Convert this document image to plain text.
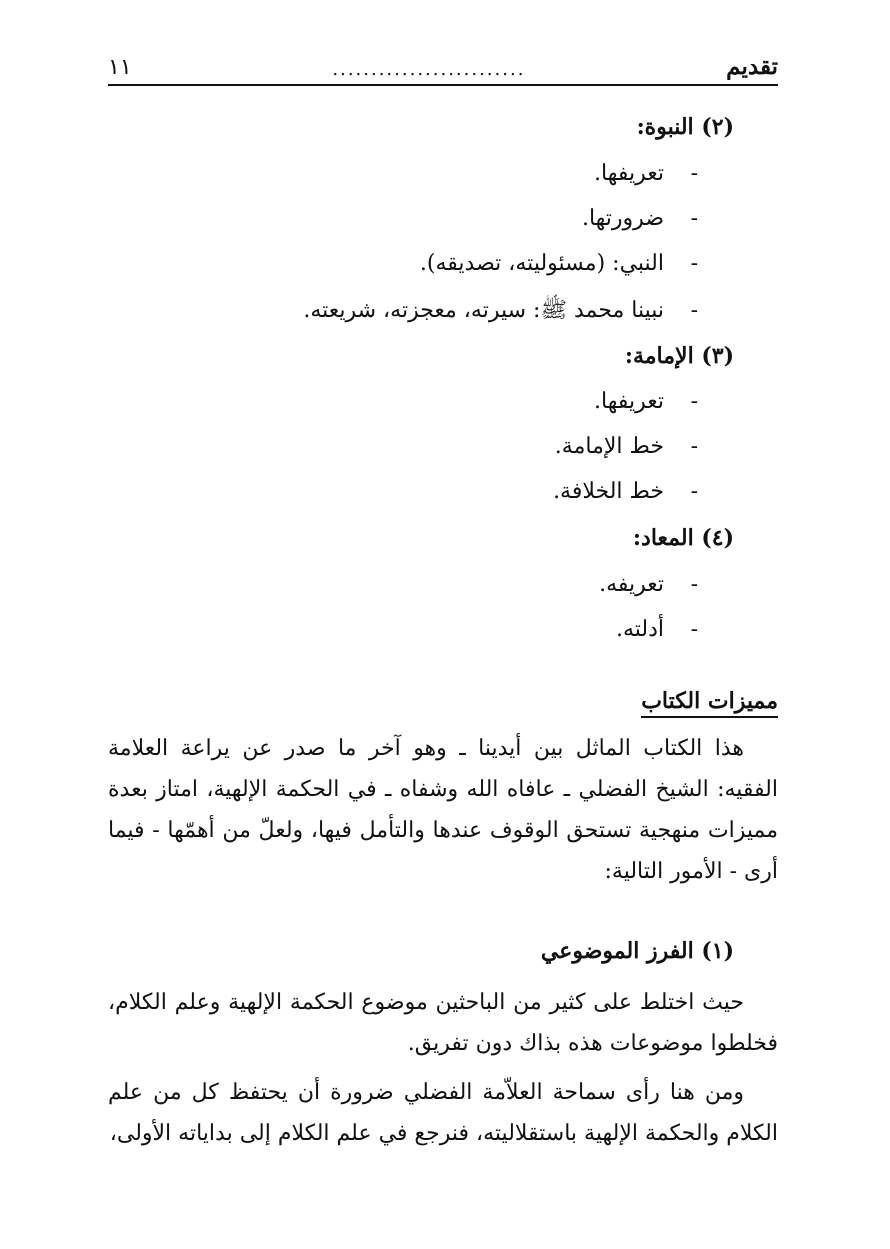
تقديم
.........................
١١
(٢) النبوة:
-تعريفها.
-ضرورتها.
-النبي: (مسئوليته، تصديقه).
-نبينا محمد ﷺ: سيرته، معجزته، شريعته.
(٣) الإمامة:
-تعريفها.
-خط الإمامة.
-خط الخلافة.
(٤) المعاد:
-تعريفه.
-أدلته.
مميزات الكتاب
هذا الكتاب الماثل بين أيدينا ـ وهو آخر ما صدر عن يراعة العلامة الفقيه: الشيخ الفضلي ـ عافاه الله وشفاه ـ في الحكمة الإلهية، امتاز بعدة مميزات منهجية تستحق الوقوف عندها والتأمل فيها، ولعلّ من أهمّها - فيما أرى - الأمور التالية:
(١) الفرز الموضوعي
حيث اختلط على كثير من الباحثين موضوع الحكمة الإلهية وعلم الكلام، فخلطوا موضوعات هذه بذاك دون تفريق.
ومن هنا رأى سماحة العلاّمة الفضلي ضرورة أن يحتفظ كل من علم الكلام والحكمة الإلهية باستقلاليته، فنرجع في علم الكلام إلى بداياته الأولى،
